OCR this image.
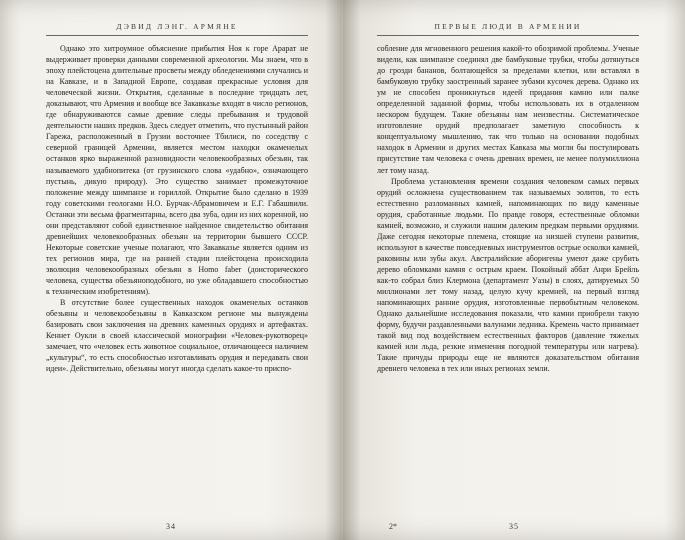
ДЭВИД ЛЭНГ. АРМЯНЕ

Однако это хитроумное объяснение прибытия Ноя к горе Арарат не выдерживает проверки данными современной археологии. Мы знаем, что в эпоху плейстоцена длительные просветы между обледенениями случались и на Кавказе, и в Западной Европе, создавая прекрасные условия для человеческой жизни. Открытия, сделанные в последние тридцать лет, доказывают, что Армения и вообще все Закавказье входят в число регионов, где обнаруживаются самые древние следы пребывания и трудовой деятельности наших предков. Здесь следует отметить, что пустынный район Гарежа, расположенный в Грузии восточнее Тбилиси, по соседству с северной границей Армении, является местом находки окаменелых останков ярко выраженной разновидности человекообразных обезьян, так называемого удабнопитека (от грузинского слова «удабно», означающего пустынь, дикую природу). Это существо занимает промежуточное положение между шимпанзе и гориллой. Открытие было сделано в 1939 году советскими геологами Н.О. Бурчак-Абрамовичем и Е.Г. Габашвили. Останки эти весьма фрагментарны, всего два зуба, один из них коренной, но они представляют собой единственное найденное свидетельство обитания древнейших человекообразных обезьян на территории бывшего СССР. Некоторые советские ученые полагают, что Закавказье является одним из тех регионов мира, где на ранней стадии плейстоцена происходила эволюция человекообразных обезьян в Homo faber (доисторического человека, существа обезьяноподобного, но уже обладавшего способностью к техническим изобретениям).

В отсутствие более существенных находок окаменелых останков обезьяны и человекообезьяны в Кавказском регионе мы вынуждены базировать свои заключения на древних каменных орудиях и артефактах. Кеннет Оукли в своей классической монографии «Человек-рукотворец» замечает, что «человек есть животное социальное, отличающееся наличием „культуры“, то есть способностью изготавливать орудия и передавать свои идеи». Действительно, обезьяны могут иногда сделать какое-то приспо-

34
ПЕРВЫЕ ЛЮДИ В АРМЕНИИ

собление для мгновенного решения какой-то обозримой проблемы. Ученые видели, как шимпанзе соединял две бамбуковые трубки, чтобы дотянуться до грозди бананов, болтающейся за пределами клетки, или вставлял в бамбуковую трубку заостренный заранее зубами кусочек дерева. Однако их ум не способен проникнуться идеей придания камню или палке определенной заданной формы, чтобы использовать их в отдаленном нескором будущем. Такие обезьяны нам неизвестны. Систематическое изготовление орудий предполагает заметную способность к концептуальному мышлению, так что только на основании подобных находок в Армении и других местах Кавказа мы могли бы постулировать присутствие там человека с очень древних времен, не менее полумиллиона лет тому назад.

Проблема установления времени создания человеком самых первых орудий осложнена существованием так называемых эолитов, то есть естественно разломанных камней, напоминающих по виду каменные орудия, сработанные людьми. По правде говоря, естественные обломки камней, возможно, и служили нашим далеким предкам первыми орудиями. Даже сегодня некоторые племена, стоящие на низшей ступени развития, используют в качестве повседневных инструментов острые осколки камней, раковины или зубы акул. Австралийские аборигены умеют даже срубить дерево обломками камня с острым краем. Покойный аббат Анри Брейль как-то собрал близ Клермона (департамент Уазы) в слоях, датируемых 50 миллионами лет тому назад, целую кучу кремней, на первый взгляд напоминающих ранние орудия, изготовленные первобытным человеком. Однако дальнейшие исследования показали, что камни приобрели такую форму, будучи раздавленными валунами ледника. Кремень часто принимает такой вид под воздействием естественных факторов (давление тяжелых камней или льда, резкие изменения погодной температуры или нагрева). Такие причуды природы еще не являются доказательством обитания древнего человека в тех или иных регионах земли.

2*	35
